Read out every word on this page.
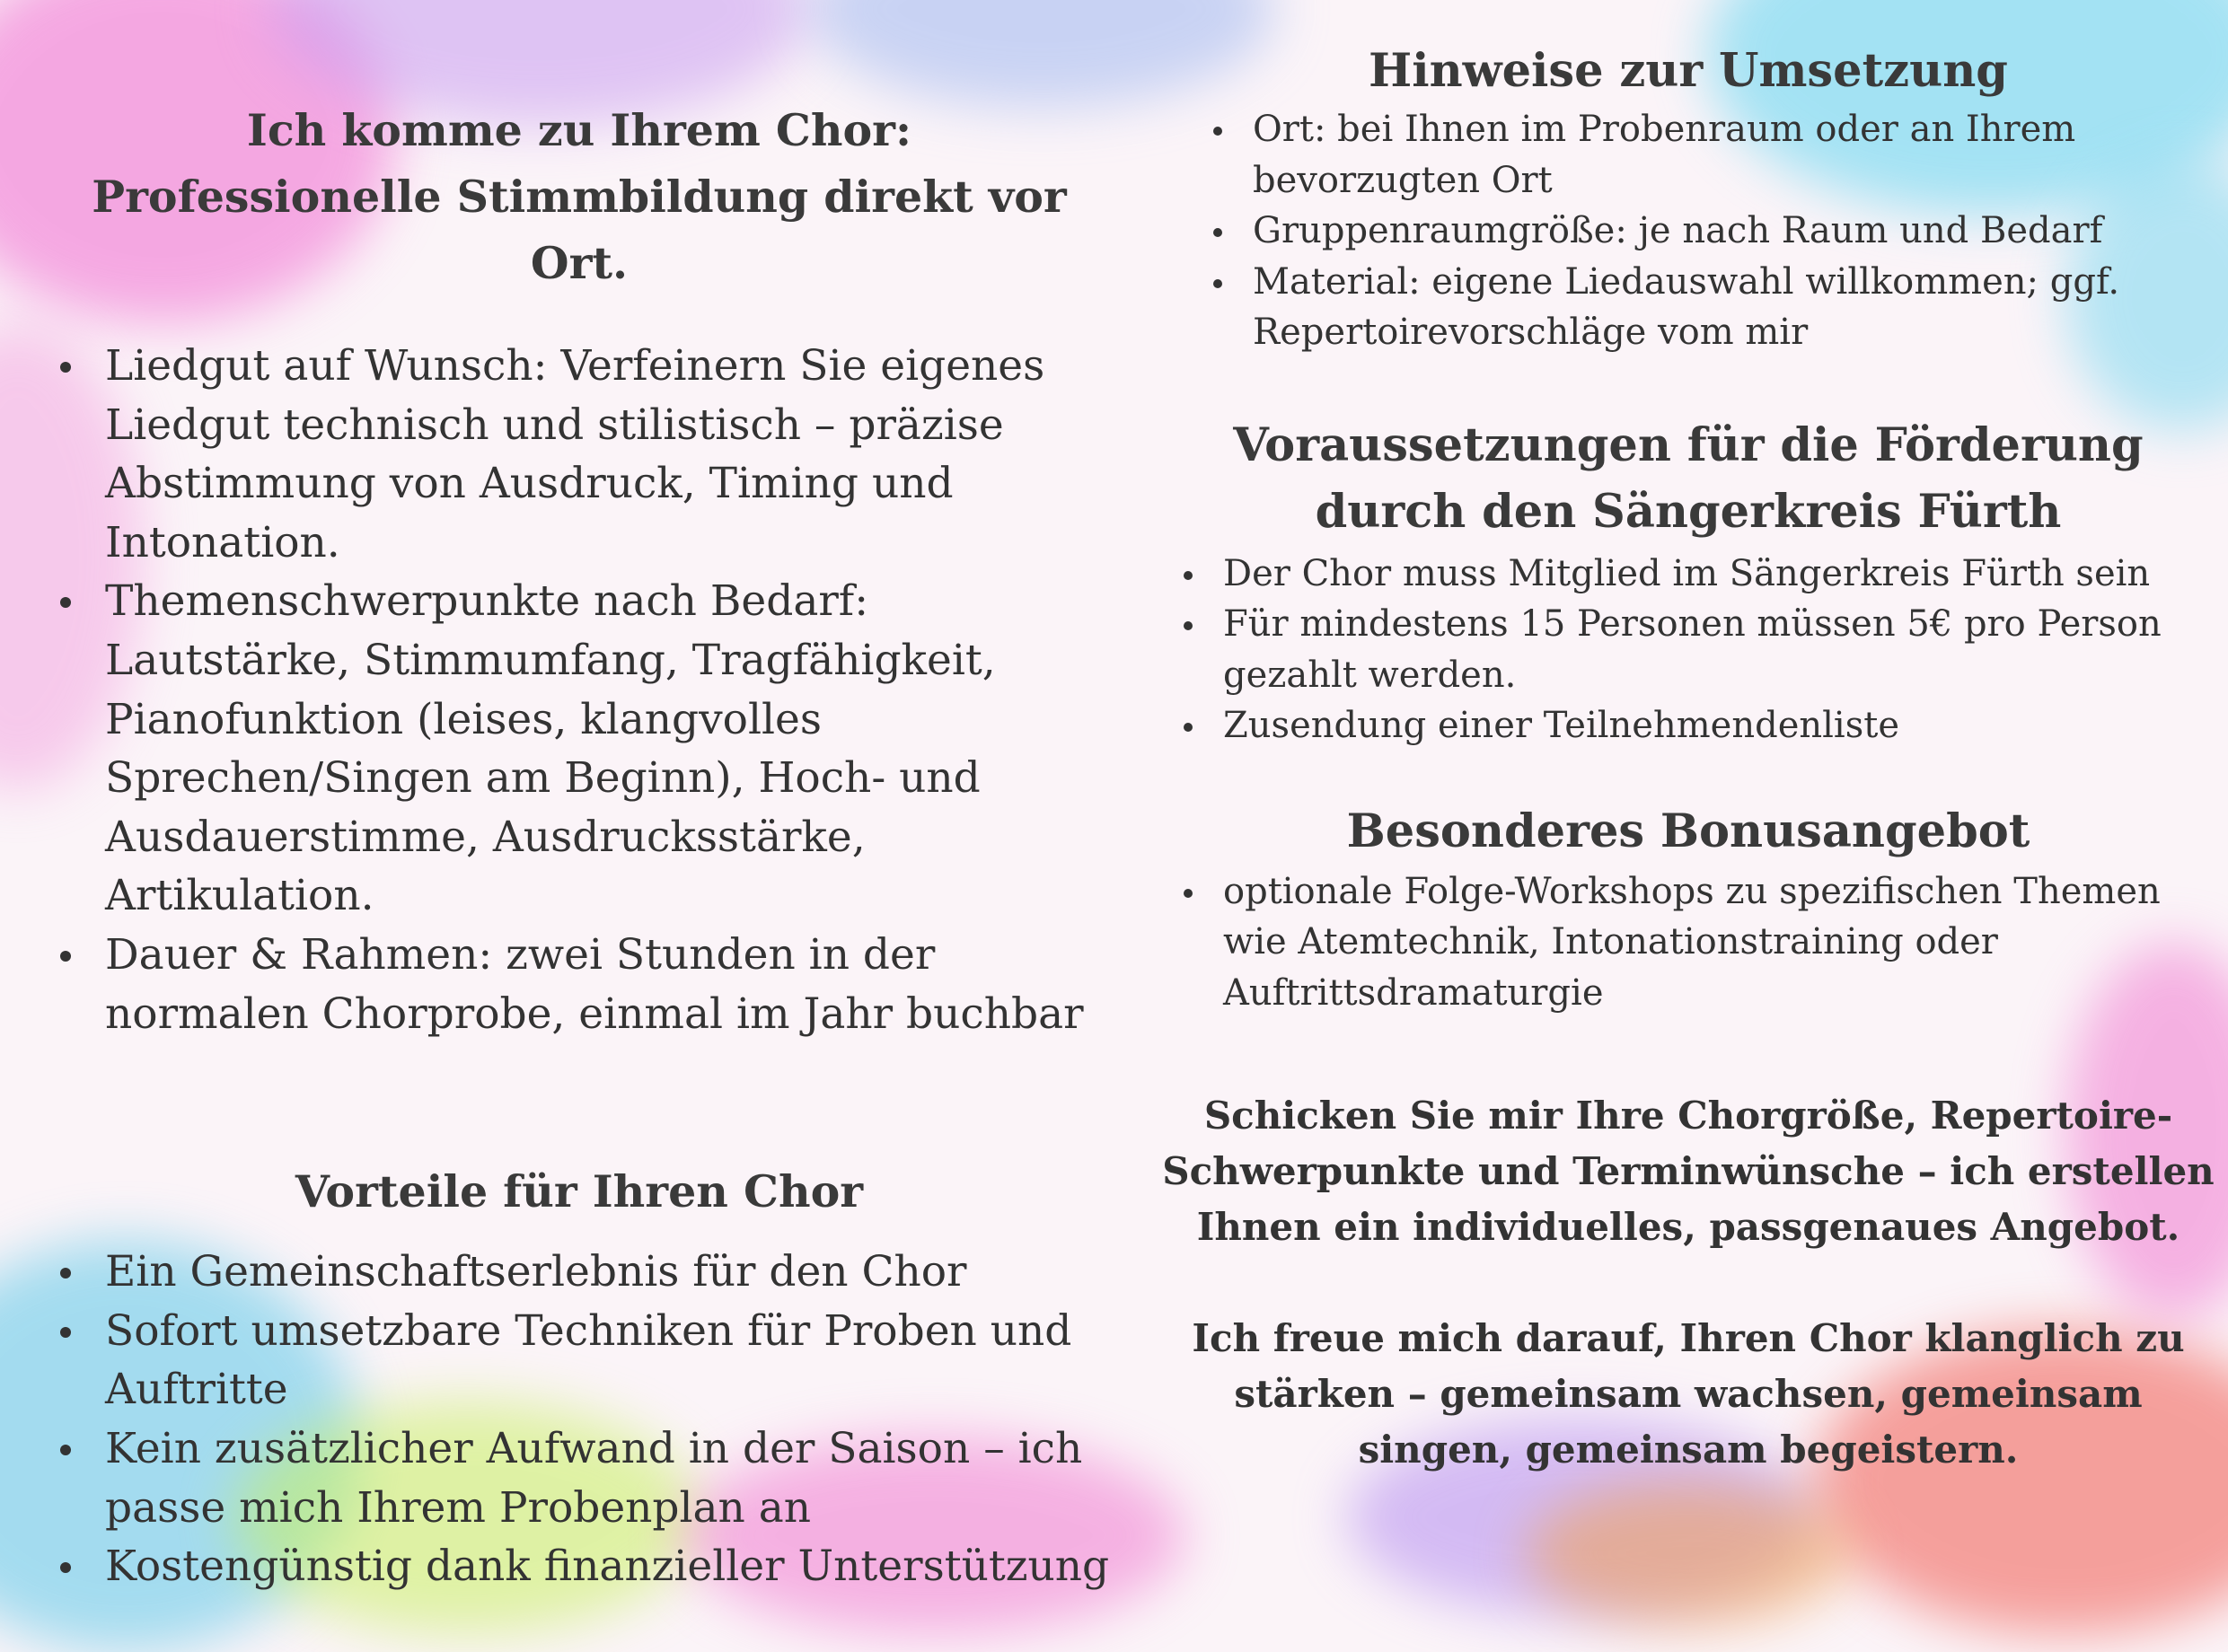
Ich komme zu Ihrem Chor:
Professionelle Stimmbildung direkt vor Ort.
Liedgut auf Wunsch: Verfeinern Sie eigenes Liedgut technisch und stilistisch – präzise Abstimmung von Ausdruck, Timing und Intonation.
Themenschwerpunkte nach Bedarf: Lautstärke, Stimmumfang, Tragfähigkeit, Pianofunktion (leises, klangvolles Sprechen/Singen am Beginn), Hoch- und Ausdauerstimme, Ausdrucksstärke, Artikulation.
Dauer & Rahmen: zwei Stunden in der normalen Chorprobe, einmal im Jahr buchbar
Vorteile für Ihren Chor
Ein Gemeinschaftserlebnis für den Chor
Sofort umsetzbare Techniken für Proben und Auftritte
Kein zusätzlicher Aufwand in der Saison – ich passe mich Ihrem Probenplan an
Kostengünstig dank finanzieller Unterstützung
Hinweise zur Umsetzung
Ort: bei Ihnen im Probenraum oder an Ihrem bevorzugten Ort
Gruppenraumgröße: je nach Raum und Bedarf
Material: eigene Liedauswahl willkommen; ggf. Repertoirevorschläge vom mir
Voraussetzungen für die Förderung durch den Sängerkreis Fürth
Der Chor muss Mitglied im Sängerkreis Fürth sein
Für mindestens 15 Personen müssen 5€ pro Person gezahlt werden.
Zusendung einer Teilnehmendenliste
Besonderes Bonusangebot
optionale Folge-Workshops zu spezifischen Themen wie Atemtechnik, Intonationstraining oder Auftrittsdramaturgie
Schicken Sie mir Ihre Chorgröße, Repertoire-Schwerpunkte und Terminwünsche – ich erstellen Ihnen ein individuelles, passgenaues Angebot.
Ich freue mich darauf, Ihren Chor klanglich zu stärken – gemeinsam wachsen, gemeinsam singen, gemeinsam begeistern.
